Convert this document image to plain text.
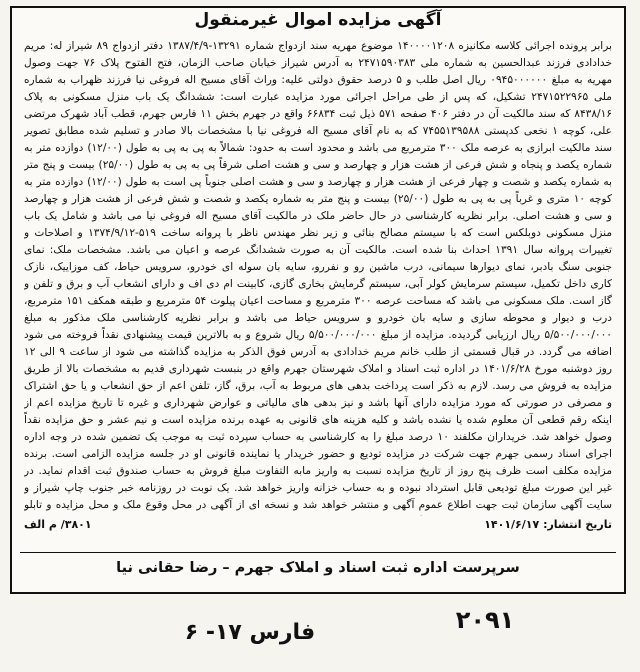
آگهی مزایده اموال غیرمنقول
برابر پرونده اجرائی کلاسه مکانیزه ۱۴۰۰۰۰۱۲۰۸ موضوع مهریه سند ازدواج شماره ۱۳۲۹۱-۱۳۸۷/۴/۹ دفتر ازدواج ۸۹ شیراز له: مریم خدادادی فرزند عبدالحسین به شماره ملی ۲۴۷۱۵۹۰۳۸۳ به آدرس شیراز خیابان صاحب الزمان، فتح الفتوح پلاک ۷۶ جهت وصول مهریه به مبلغ ۰۹۴۵۰۰۰۰۰۰ ریال اصل طلب و ۵ درصد حقوق دولتی علیه: وراث آقای مسیح اله فروغی نیا فرزند ظهراب به شماره ملی ۲۴۷۱۵۲۲۹۶۵ تشکیل، که پس از طی مراحل اجرائی مورد مزایده عبارت است: ششدانگ یک باب منزل مسکونی به پلاک ۸۴۳۸/۱۶ که سند مالکیت آن در دفتر ۴۰۶ صفحه ۵۷۱ ذیل ثبت ۶۶۸۳۴ واقع در جهرم بخش ۱۱ فارس جهرم، قطب آباد شهرک مرتضی علی، کوچه ۱ نخعی کدپستی ۷۴۵۵۱۳۹۵۸۸ که به نام آقای مسیح اله فروغی نیا با مشخصات بالا صادر و تسلیم شده مطابق تصویر سند مالکیت ابرازی به عرصه ملک ۳۰۰ مترمربع می باشد و محدود است به حدود: شمالاً به پی به پی به طول (۱۲/۰۰) دوازده متر به شماره یکصد و پنجاه و شش فرعی از هشت هزار و چهارصد و سی و هشت اصلی شرقاً پی به پی به طول (۲۵/۰۰) بیست و پنج متر به شماره یکصد و شصت و چهار فرعی از هشت هزار و چهارصد و سی و هشت اصلی جنوباً پی است به طول (۱۲/۰۰) دوازده متر به کوچه ۱۰ متری و غرباً پی به پی به طول (۲۵/۰۰) بیست و پنج متر به شماره یکصد و شصت و شش فرعی از هشت هزار و چهارصد و سی و هشت اصلی. برابر نظریه کارشناسی در حال حاضر ملک در مالکیت آقای مسیح اله فروغی نیا می باشد و شامل یک باب منزل مسکونی دوبلکس است که با سیستم مصالح بنائی و زیر نظر مهندس ناظر با پروانه ساخت ۵۱۹-۱۳۷۴/۹/۱۲ و اصلاحات و تغییرات پروانه سال ۱۳۹۱ احداث بنا شده است. مالکیت آن به صورت ششدانگ عرصه و اعیان می باشد. مشخصات ملک: نمای جنوبی سنگ بادبر، نمای دیوارها سیمانی، درب ماشین رو و نفررو، سایه بان سوله ای خودرو، سرویس حیاط، کف موزاییک، نازک کاری داخل تکمیل، سیستم سرمایش کولر آبی، سیستم گرمایش بخاری گازی، کابینت ام دی اف و دارای انشعاب آب و برق و تلفن و گاز است. ملک مسکونی می باشد که مساحت عرصه ۳۰۰ مترمربع و مساحت اعیان پیلوت ۵۴ مترمربع و طبقه همکف ۱۵۱ مترمربع، درب و دیوار و محوطه سازی و سایه بان خودرو و سرویس حیاط می باشد و برابر نظریه کارشناسی ملک مذکور به مبلغ ۵/۵۰۰/۰۰۰/۰۰۰ ریال ارزیابی گردیده. مزایده از مبلغ ۵/۵۰۰/۰۰۰/۰۰۰ ریال شروع و به بالاترین قیمت پیشنهادی نقداً فروخته می شود اضافه می گردد. در قبال قسمتی از طلب خانم مریم خدادادی به آدرس فوق الذکر به مزایده گذاشته می شود از ساعت ۹ الی ۱۲ روز دوشنبه مورخ ۱۴۰۱/۶/۲۸ در اداره ثبت اسناد و املاک شهرستان جهرم واقع در بنبست شهرداری قدیم به مشخصات بالا از طریق مزایده به فروش می رسد. لازم به ذکر است پرداخت بدهی های مربوط به آب، برق، گاز، تلفن اعم از حق انشعاب و یا حق اشتراک و مصرفی در صورتی که مورد مزایده دارای آنها باشد و نیز بدهی های مالیاتی و عوارض شهرداری و غیره تا تاریخ مزایده اعم از اینکه رقم قطعی آن معلوم شده یا نشده باشد و کلیه هزینه های قانونی به عهده برنده مزایده است و نیم عشر و حق مزایده نقداً وصول خواهد شد. خریداران مکلفند ۱۰ درصد مبلغ را به کارشناسی به حساب سپرده ثبت به موجب یک تضمین شده در وجه اداره اجرای اسناد رسمی جهرم جهت شرکت در مزایده تودیع و حضور خریدار یا نماینده قانونی او در جلسه مزایده الزامی است. برنده مزایده مکلف است ظرف پنج روز از تاریخ مزایده نسبت به واریز مابه التفاوت مبلغ فروش به حساب صندوق ثبت اقدام نماید. در غیر این صورت مبلغ تودیعی قابل استرداد نبوده و به حساب خزانه واریز خواهد شد. یک نوبت در روزنامه خبر جنوب چاپ شیراز و سایت آگهی سازمان ثبت جهت اطلاع عموم آگهی و منتشر خواهد شد و نسخه ای از آگهی در محل وقوع ملک و محل مزایده و تابلو
تاریخ انتشار: ۱۴۰۱/۶/۱۷
۳۸۰۱/ م الف
سرپرست اداره ثبت اسناد و املاک جهرم – رضا حقانی نیا
۲۰۹۱
فارس ۱۷- ۶
